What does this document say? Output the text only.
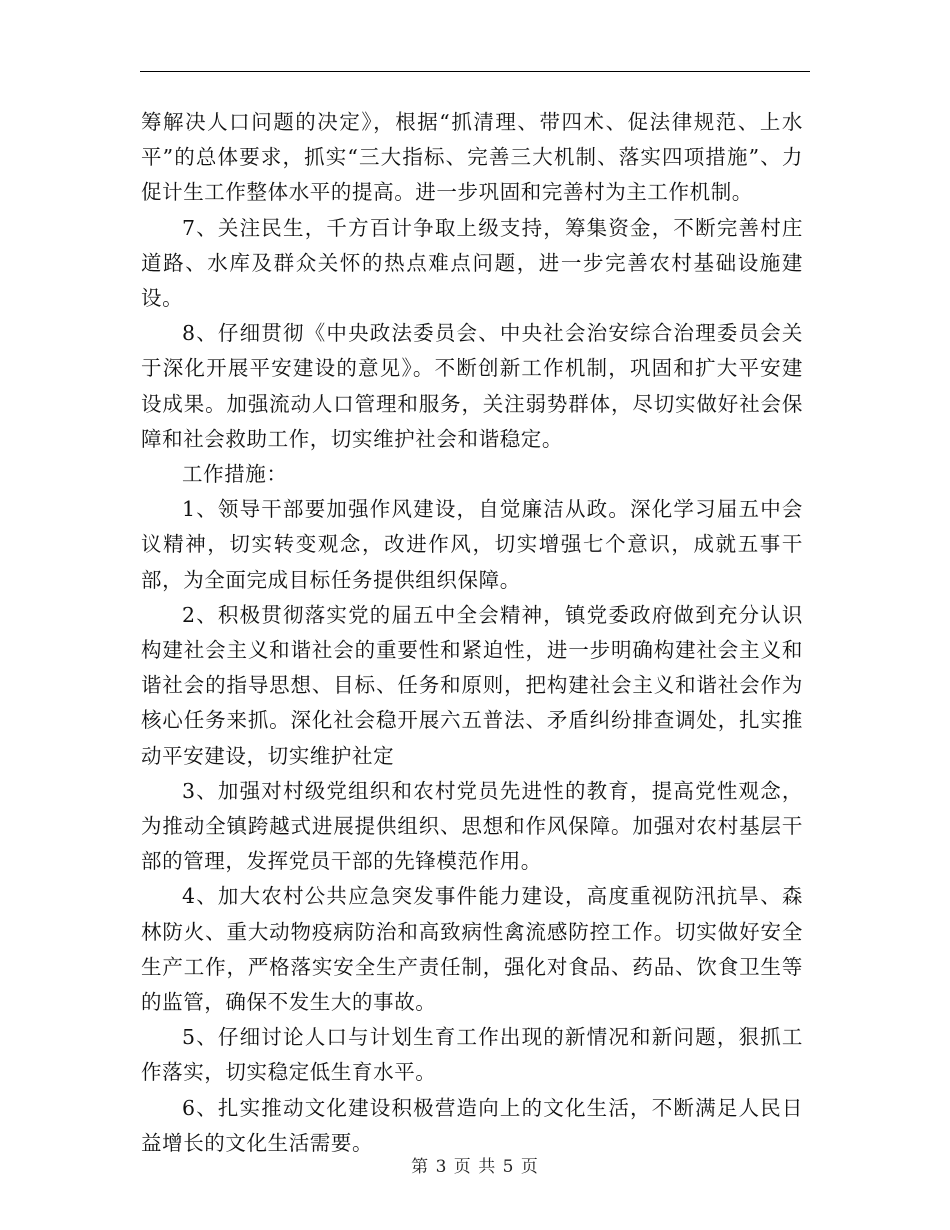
筹解决人口问题的决定》，根据“抓清理、带四术、促法律规范、上水平”的总体要求，抓实“三大指标、完善三大机制、落实四项措施”、力促计生工作整体水平的提高。进一步巩固和完善村为主工作机制。

7、关注民生，千方百计争取上级支持，筹集资金，不断完善村庄道路、水库及群众关怀的热点难点问题，进一步完善农村基础设施建设。

8、仔细贯彻《中央政法委员会、中央社会治安综合治理委员会关于深化开展平安建设的意见》。不断创新工作机制，巩固和扩大平安建设成果。加强流动人口管理和服务，关注弱势群体，尽切实做好社会保障和社会救助工作，切实维护社会和谐稳定。

工作措施：

1、领导干部要加强作风建设，自觉廉洁从政。深化学习届五中会议精神，切实转变观念，改进作风，切实增强七个意识，成就五事干部，为全面完成目标任务提供组织保障。

2、积极贯彻落实党的届五中全会精神，镇党委政府做到充分认识构建社会主义和谐社会的重要性和紧迫性，进一步明确构建社会主义和谐社会的指导思想、目标、任务和原则，把构建社会主义和谐社会作为核心任务来抓。深化社会稳开展六五普法、矛盾纠纷排查调处，扎实推动平安建设，切实维护社定

3、加强对村级党组织和农村党员先进性的教育，提高党性观念，为推动全镇跨越式进展提供组织、思想和作风保障。加强对农村基层干部的管理，发挥党员干部的先锋模范作用。

4、加大农村公共应急突发事件能力建设，高度重视防汛抗旱、森林防火、重大动物疫病防治和高致病性禽流感防控工作。切实做好安全生产工作，严格落实安全生产责任制，强化对食品、药品、饮食卫生等的监管，确保不发生大的事故。

5、仔细讨论人口与计划生育工作出现的新情况和新问题，狠抓工作落实，切实稳定低生育水平。

6、扎实推动文化建设积极营造向上的文化生活，不断满足人民日益增长的文化生活需要。

第 3 页 共 5 页
